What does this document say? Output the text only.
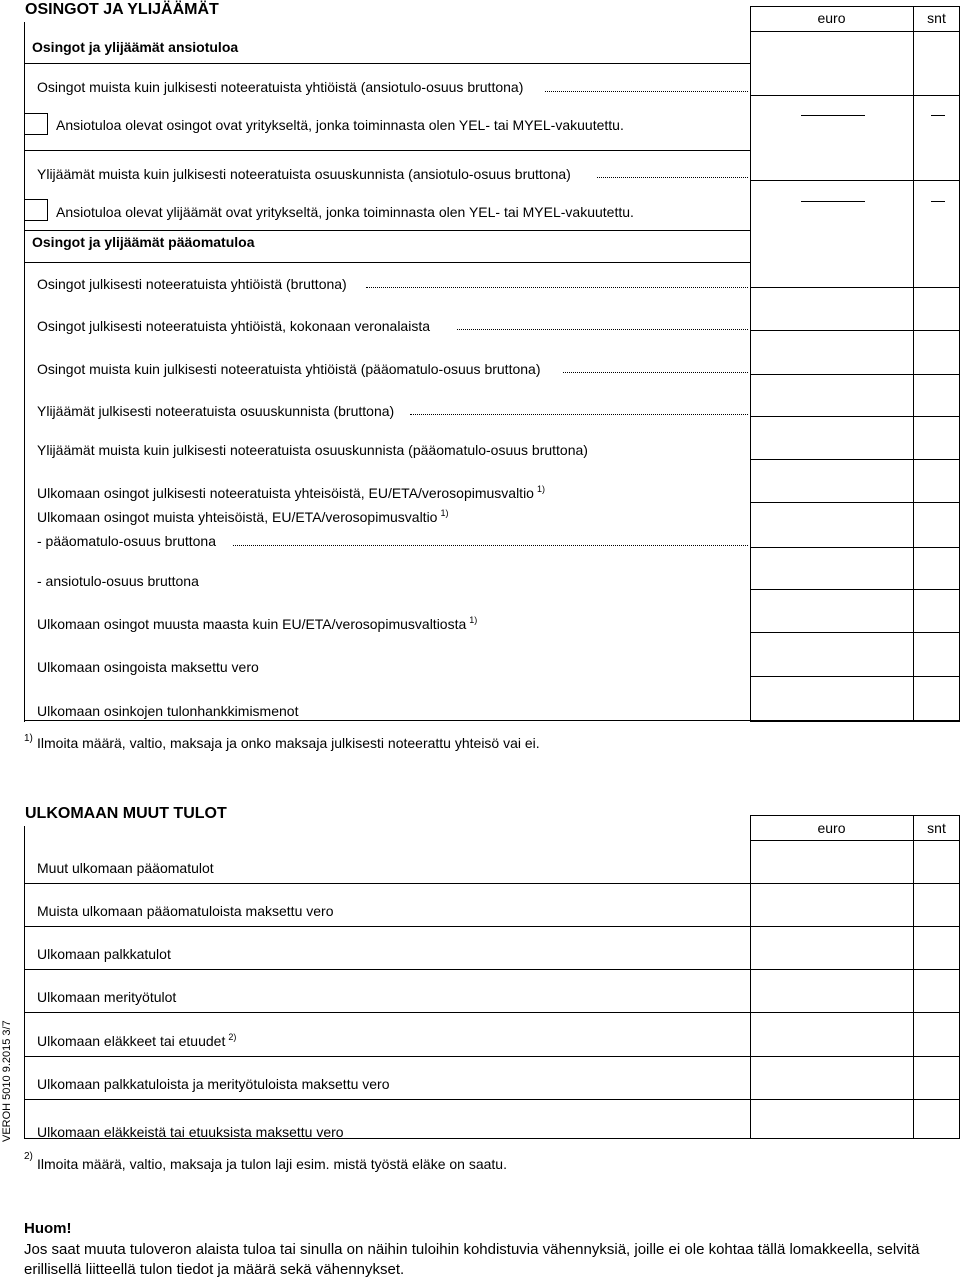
OSINGOT JA YLIJÄÄMÄT	euro	snt
Osingot ja ylijäämät ansiotuloa
Osingot muista kuin julkisesti noteeratuista yhtiöistä (ansiotulo-osuus bruttona)
Ansiotuloa olevat osingot ovat yritykseltä, jonka toiminnasta olen YEL- tai MYEL-vakuutettu.
Ylijäämät muista kuin julkisesti noteeratuista osuuskunnista (ansiotulo-osuus bruttona)
Ansiotuloa olevat ylijäämät ovat yritykseltä, jonka toiminnasta olen YEL- tai MYEL-vakuutettu.
Osingot ja ylijäämät pääomatuloa
Osingot julkisesti noteeratuista yhtiöistä (bruttona)
Osingot julkisesti noteeratuista yhtiöistä, kokonaan veronalaista
Osingot muista kuin julkisesti noteeratuista yhtiöistä (pääomatulo-osuus bruttona)
Ylijäämät julkisesti noteeratuista osuuskunnista (bruttona)
Ylijäämät muista kuin julkisesti noteeratuista osuuskunnista (pääomatulo-osuus bruttona)
Ulkomaan osingot julkisesti noteeratuista yhteisöistä, EU/ETA/verosopimusvaltio $^{1)}$
Ulkomaan osingot muista yhteisöistä, EU/ETA/verosopimusvaltio $^{1)}$
- pääomatulo-osuus bruttona
- ansiotulo-osuus bruttona
Ulkomaan osingot muusta maasta kuin EU/ETA/verosopimusvaltiosta $^{1)}$
Ulkomaan osingoista maksettu vero
Ulkomaan osinkojen tulonhankkimismenot
1) Ilmoita määrä, valtio, maksaja ja onko maksaja julkisesti noteerattu yhteisö vai ei.
ULKOMAAN MUUT TULOT
euro	snt
Muut ulkomaan pääomatulot
Muista ulkomaan pääomatuloista maksettu vero
Ulkomaan palkkatulot
Ulkomaan merityötulot
Ulkomaan eläkkeet tai etuudet $^{2)}$
Ulkomaan palkkatuloista ja merityötuloista maksettu vero
Ulkomaan eläkkeistä tai etuuksista maksettu vero
2) Ilmoita määrä, valtio, maksaja ja tulon laji esim. mistä työstä eläke on saatu.
VEROH 5010 9.2015 3/7
Huom!
Jos saat muuta tuloveron alaista tuloa tai sinulla on näihin tuloihin kohdistuvia vähennyksiä, joille ei ole kohtaa tällä lomakkeella, selvitä erillisellä liitteellä tulon tiedot ja määrä sekä vähennykset.
